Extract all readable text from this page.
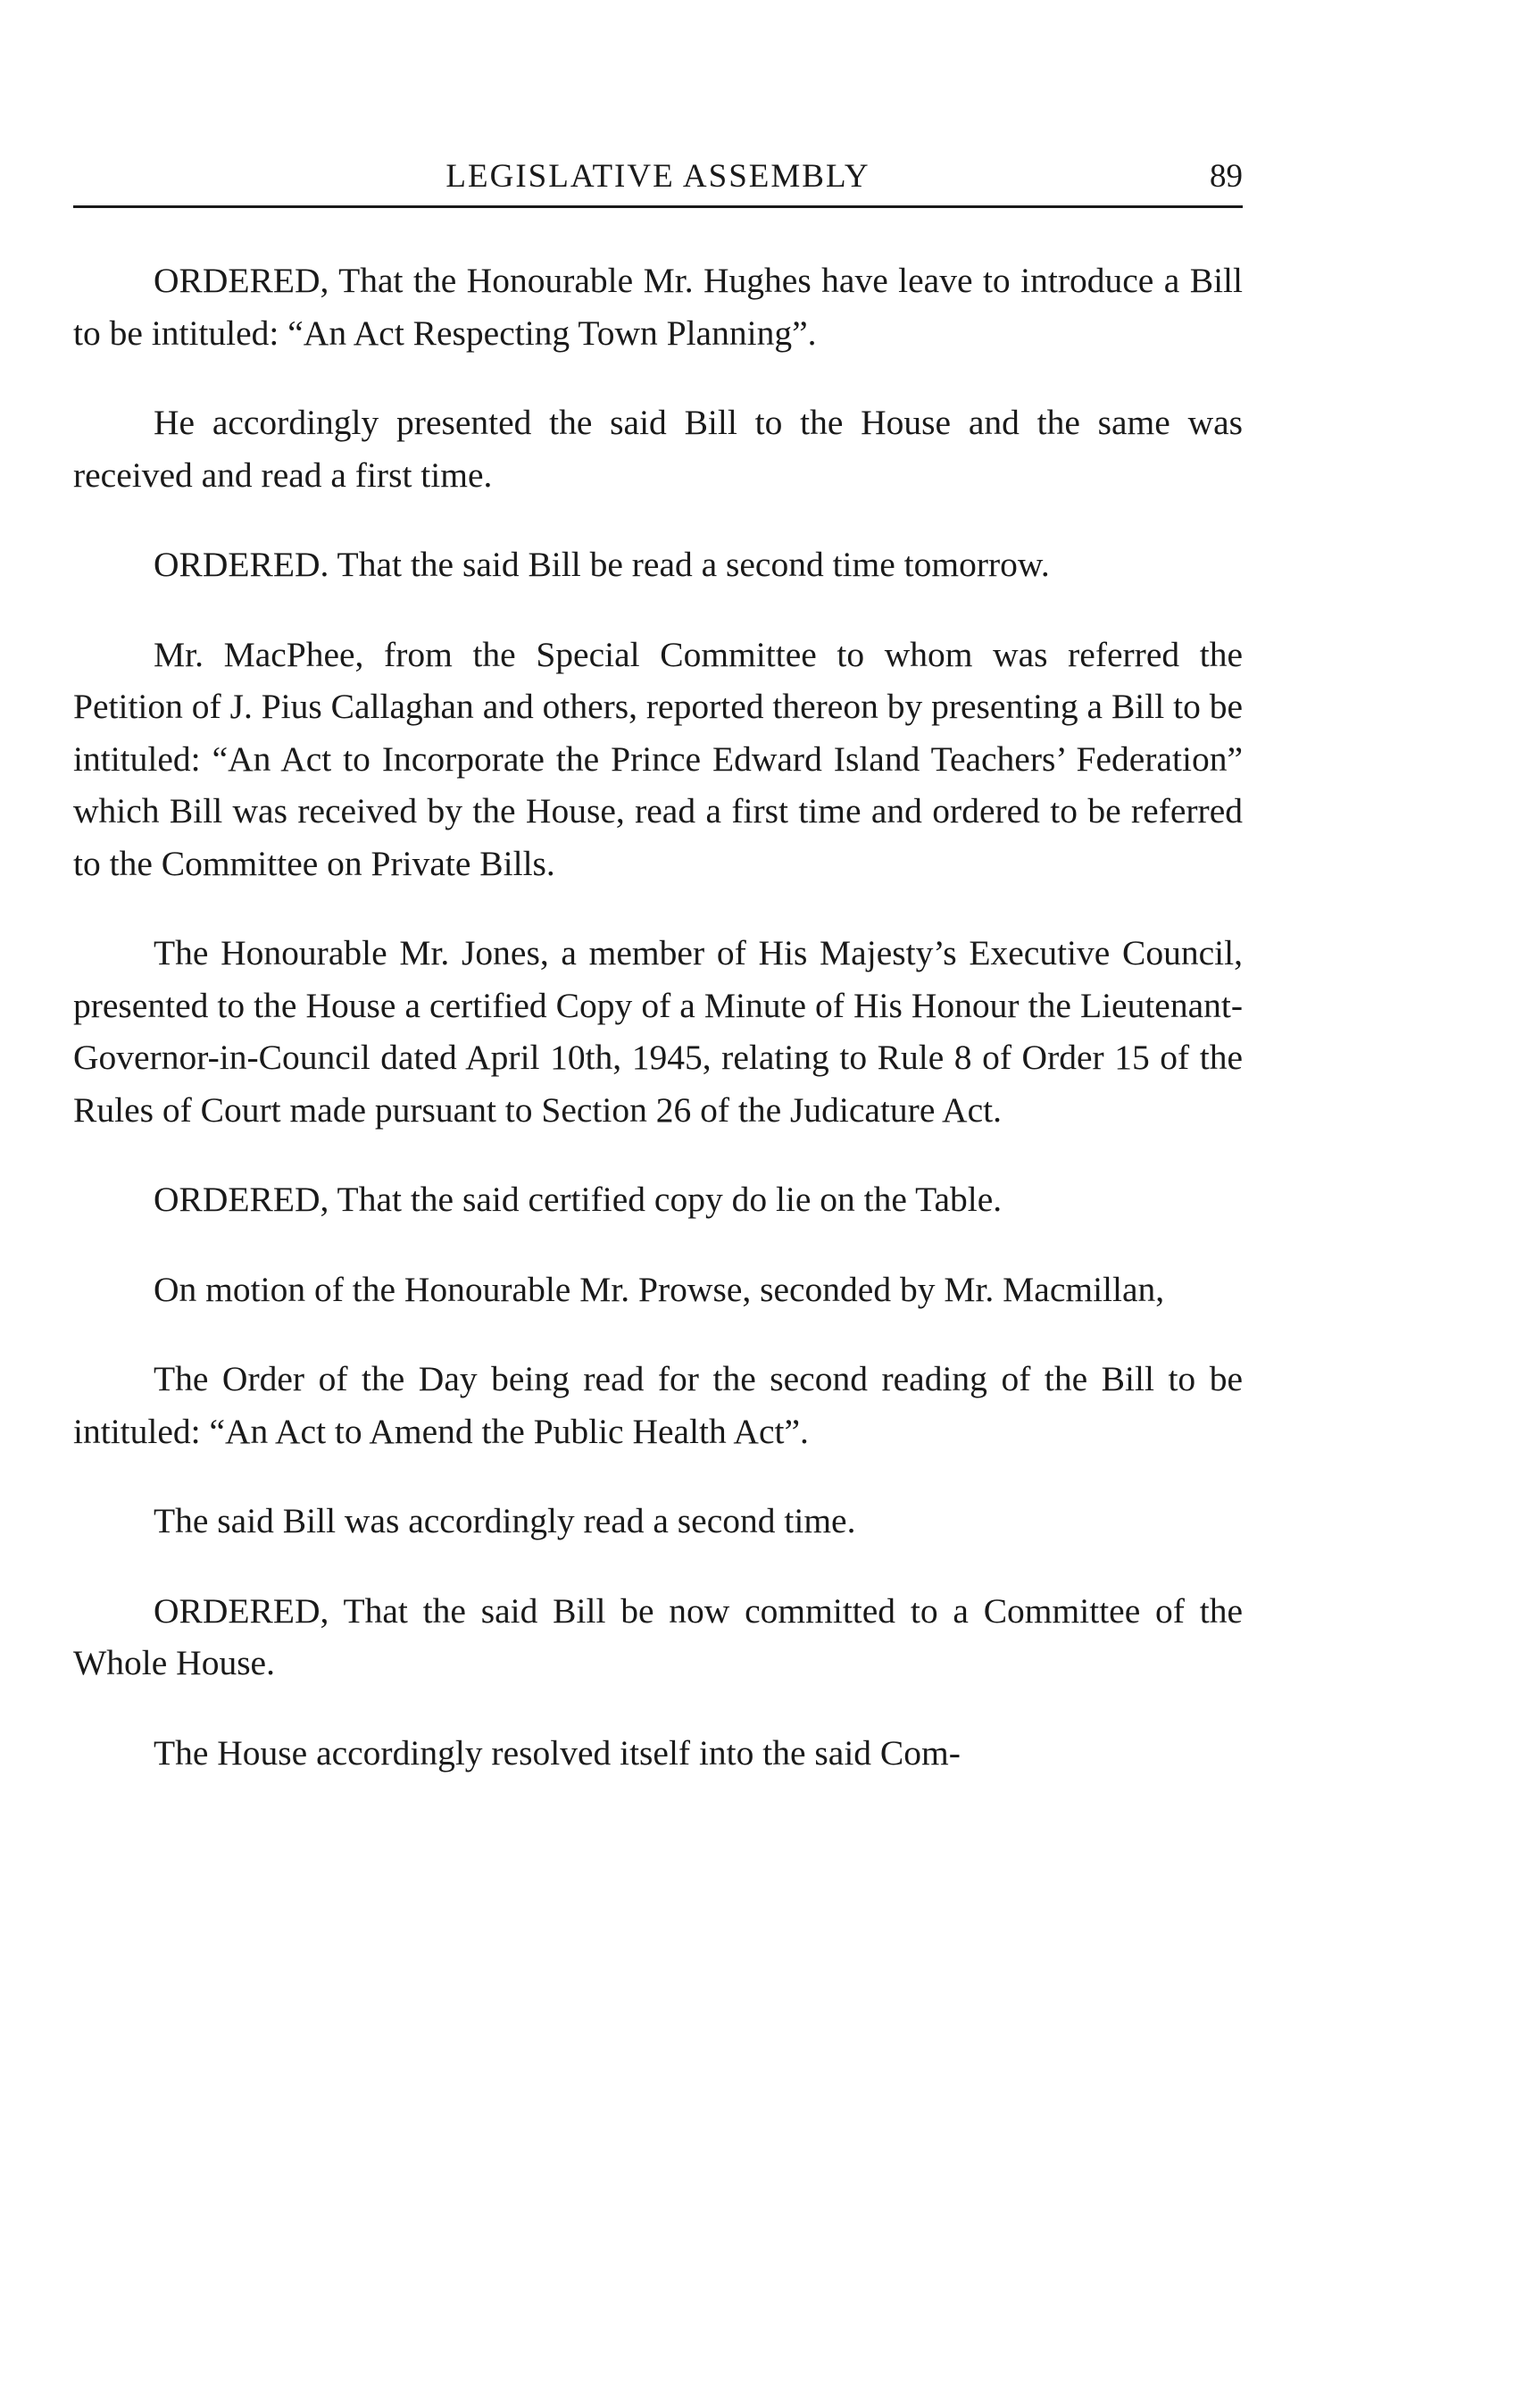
LEGISLATIVE ASSEMBLY	89

ORDERED, That the Honourable Mr. Hughes have leave to introduce a Bill to be intituled: “An Act Respecting Town Planning”.

He accordingly presented the said Bill to the House and the same was received and read a first time.

ORDERED. That the said Bill be read a second time tomorrow.

Mr. MacPhee, from the Special Committee to whom was referred the Petition of J. Pius Callaghan and others, reported thereon by presenting a Bill to be intituled: “An Act to Incorporate the Prince Edward Island Teachers’ Federation” which Bill was received by the House, read a first time and ordered to be referred to the Committee on Private Bills.

The Honourable Mr. Jones, a member of His Majesty’s Executive Council, presented to the House a certified Copy of a Minute of His Honour the Lieutenant-Governor-in-Council dated April 10th, 1945, relating to Rule 8 of Order 15 of the Rules of Court made pursuant to Section 26 of the Judicature Act.

ORDERED, That the said certified copy do lie on the Table.

On motion of the Honourable Mr. Prowse, seconded by Mr. Macmillan,

The Order of the Day being read for the second reading of the Bill to be intituled: “An Act to Amend the Public Health Act”.

The said Bill was accordingly read a second time.

ORDERED, That the said Bill be now committed to a Committee of the Whole House.

The House accordingly resolved itself into the said Com-
